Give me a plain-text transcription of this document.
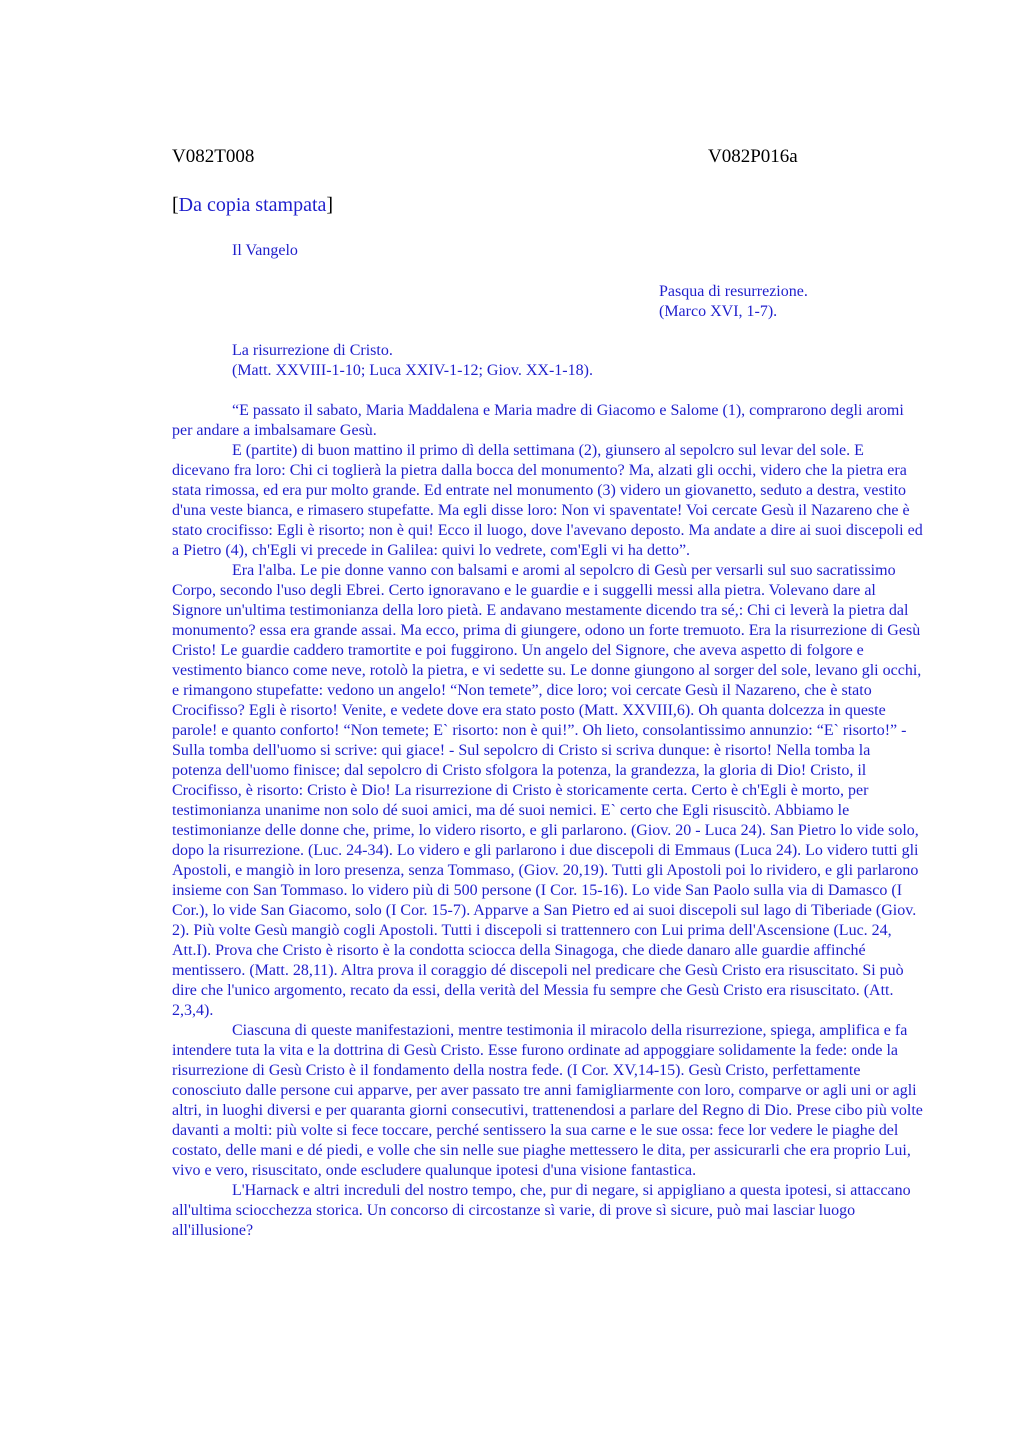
V082T008	V082P016a
[Da copia stampata]
Il Vangelo
Pasqua di resurrezione.
(Marco XVI, 1-7).
La risurrezione di Cristo.
(Matt. XXVIII-1-10; Luca XXIV-1-12; Giov. XX-1-18).

“E passato il sabato, Maria Maddalena e Maria madre di Giacomo e Salome (1), comprarono degli aromi per andare a imbalsamare Gesù.

E (partite) di buon mattino il primo dì della settimana (2), giunsero al sepolcro sul levar del sole. E dicevano fra loro: Chi ci toglierà la pietra dalla bocca del monumento? Ma, alzati gli occhi, videro che la pietra era stata rimossa, ed era pur molto grande. Ed entrate nel monumento (3) videro un giovanetto, seduto a destra, vestito d'una veste bianca, e rimasero stupefatte. Ma egli disse loro: Non vi spaventate! Voi cercate Gesù il Nazareno che è stato crocifisso: Egli è risorto; non è qui! Ecco il luogo, dove l'avevano deposto. Ma andate a dire ai suoi discepoli ed a Pietro (4), ch'Egli vi precede in Galilea: quivi lo vedrete, com'Egli vi ha detto”.

Era l'alba. Le pie donne vanno con balsami e aromi al sepolcro di Gesù per versarli sul suo sacratissimo Corpo, secondo l'uso degli Ebrei. Certo ignoravano e le guardie e i suggelli messi alla pietra. Volevano dare al Signore un'ultima testimonianza della loro pietà. E andavano mestamente dicendo tra sé,: Chi ci leverà la pietra dal monumento? essa era grande assai. Ma ecco, prima di giungere, odono un forte tremuoto. Era la risurrezione di Gesù Cristo! Le guardie caddero tramortite e poi fuggirono. Un angelo del Signore, che aveva aspetto di folgore e vestimento bianco come neve, rotolò la pietra, e vi sedette su. Le donne giungono al sorger del sole, levano gli occhi, e rimangono stupefatte: vedono un angelo! “Non temete”, dice loro; voi cercate Gesù il Nazareno, che è stato Crocifisso? Egli è risorto! Venite, e vedete dove era stato posto (Matt. XXVIII,6). Oh quanta dolcezza in queste parole! e quanto conforto! “Non temete; E` risorto: non è qui!”. Oh lieto, consolantissimo annunzio: “E` risorto!” - Sulla tomba dell'uomo si scrive: qui giace! - Sul sepolcro di Cristo si scriva dunque: è risorto! Nella tomba la potenza dell'uomo finisce; dal sepolcro di Cristo sfolgora la potenza, la grandezza, la gloria di Dio! Cristo, il Crocifisso, è risorto: Cristo è Dio! La risurrezione di Cristo è storicamente certa. Certo è ch'Egli è morto, per testimonianza unanime non solo dé suoi amici, ma dé suoi nemici. E` certo che Egli risuscitò. Abbiamo le testimonianze delle donne che, prime, lo videro risorto, e gli parlarono. (Giov. 20 - Luca 24). San Pietro lo vide solo, dopo la risurrezione. (Luc. 24-34). Lo videro e gli parlarono i due discepoli di Emmaus (Luca 24). Lo videro tutti gli Apostoli, e mangiò in loro presenza, senza Tommaso, (Giov. 20,19). Tutti gli Apostoli poi lo rividero, e gli parlarono insieme con San Tommaso. lo videro più di 500 persone (I Cor. 15-16). Lo vide San Paolo sulla via di Damasco (I Cor.), lo vide San Giacomo, solo (I Cor. 15-7). Apparve a San Pietro ed ai suoi discepoli sul lago di Tiberiade (Giov. 2). Più volte Gesù mangiò cogli Apostoli. Tutti i discepoli si trattennero con Lui prima dell'Ascensione (Luc. 24, Att.I). Prova che Cristo è risorto è la condotta sciocca della Sinagoga, che diede danaro alle guardie affinché mentissero. (Matt. 28,11). Altra prova il coraggio dé discepoli nel predicare che Gesù Cristo era risuscitato. Si può dire che l'unico argomento, recato da essi, della verità del Messia fu sempre che Gesù Cristo era risuscitato. (Att. 2,3,4).

Ciascuna di queste manifestazioni, mentre testimonia il miracolo della risurrezione, spiega, amplifica e fa intendere tuta la vita e la dottrina di Gesù Cristo. Esse furono ordinate ad appoggiare solidamente la fede: onde la risurrezione di Gesù Cristo è il fondamento della nostra fede. (I Cor. XV,14-15). Gesù Cristo, perfettamente conosciuto dalle persone cui apparve, per aver passato tre anni famigliarmente con loro, comparve or agli uni or agli altri, in luoghi diversi e per quaranta giorni consecutivi, trattenendosi a parlare del Regno di Dio. Prese cibo più volte davanti a molti: più volte si fece toccare, perché sentissero la sua carne e le sue ossa: fece lor vedere le piaghe del costato, delle mani e dé piedi, e volle che sin nelle sue piaghe mettessero le dita, per assicurarli che era proprio Lui, vivo e vero, risuscitato, onde escludere qualunque ipotesi d'una visione fantastica.

L'Harnack e altri increduli del nostro tempo, che, pur di negare, si appigliano a questa ipotesi, si attaccano all'ultima sciocchezza storica. Un concorso di circostanze sì varie, di prove sì sicure, può mai lasciar luogo all'illusione?
